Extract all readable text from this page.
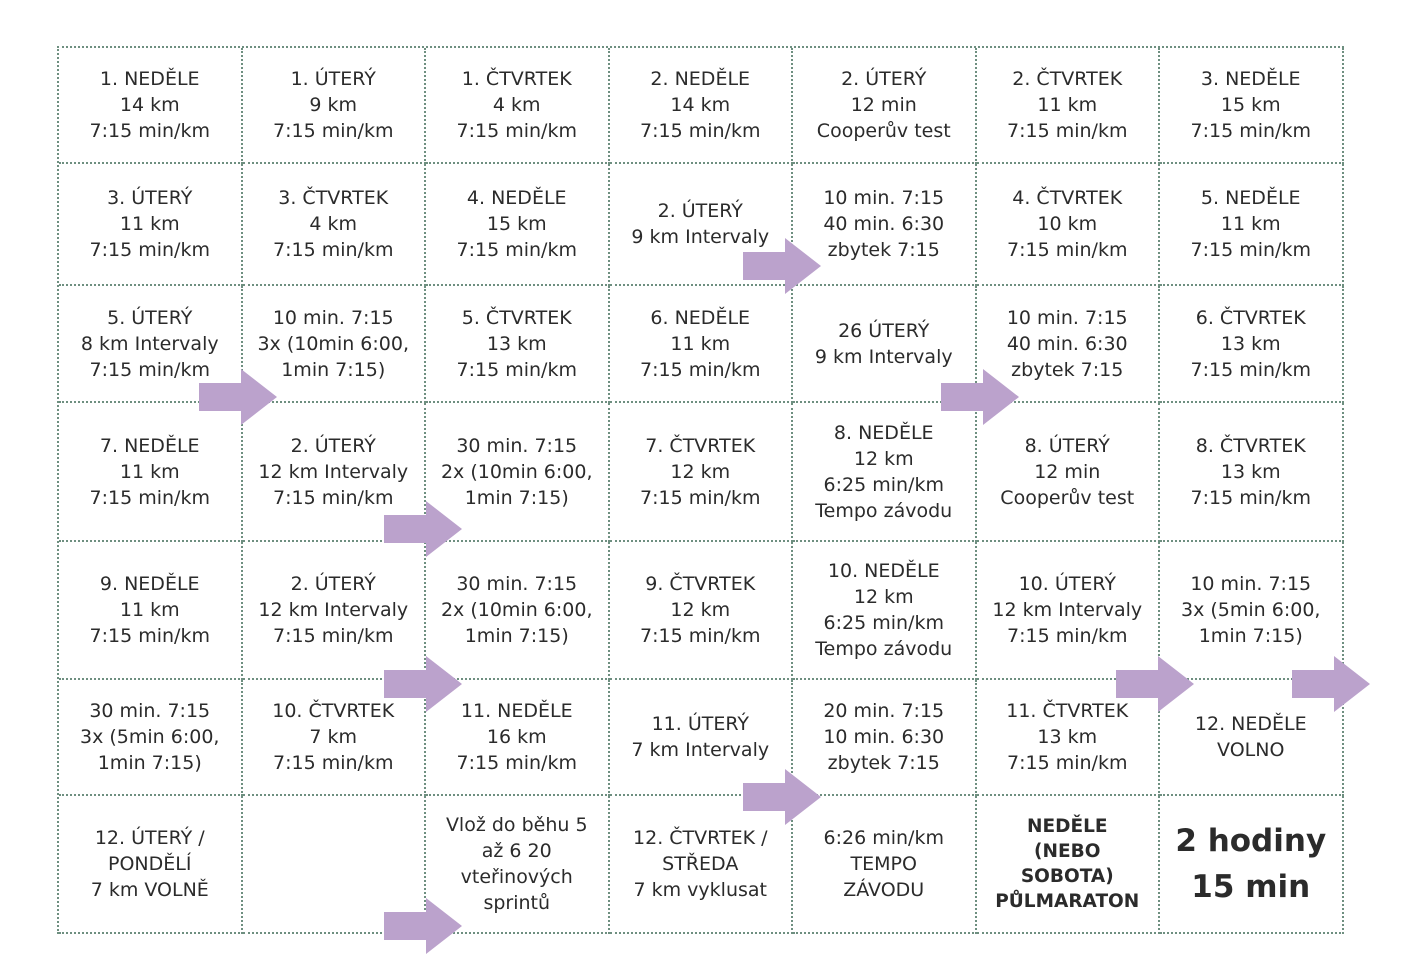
1. NEDĚLE
14 km
7:15 min/km
1. ÚTERÝ
9 km
7:15 min/km
1. ČTVRTEK
4 km
7:15 min/km
2. NEDĚLE
14 km
7:15 min/km
2. ÚTERÝ
12 min
Cooperův test
2. ČTVRTEK
11 km
7:15 min/km
3. NEDĚLE
15 km
7:15 min/km
3. ÚTERÝ
11 km
7:15 min/km
3. ČTVRTEK
4 km
7:15 min/km
4. NEDĚLE
15 km
7:15 min/km
2. ÚTERÝ
9 km Intervaly
10 min. 7:15
40 min. 6:30
zbytek 7:15
4. ČTVRTEK
10 km
7:15 min/km
5. NEDĚLE
11 km
7:15 min/km
5. ÚTERÝ
8 km Intervaly
7:15 min/km
10 min. 7:15
3x (10min 6:00,
1min 7:15)
5. ČTVRTEK
13 km
7:15 min/km
6. NEDĚLE
11 km
7:15 min/km
26 ÚTERÝ
9 km Intervaly
10 min. 7:15
40 min. 6:30
zbytek 7:15
6. ČTVRTEK
13 km
7:15 min/km
7. NEDĚLE
11 km
7:15 min/km
2. ÚTERÝ
12 km Intervaly
7:15 min/km
30 min. 7:15
2x (10min 6:00,
1min 7:15)
7. ČTVRTEK
12 km
7:15 min/km
8. NEDĚLE
12 km
6:25 min/km
Tempo závodu
8. ÚTERÝ
12 min
Cooperův test
8. ČTVRTEK
13 km
7:15 min/km
9. NEDĚLE
11 km
7:15 min/km
2. ÚTERÝ
12 km Intervaly
7:15 min/km
30 min. 7:15
2x (10min 6:00,
1min 7:15)
9. ČTVRTEK
12 km
7:15 min/km
10. NEDĚLE
12 km
6:25 min/km
Tempo závodu
10. ÚTERÝ
12 km Intervaly
7:15 min/km
10 min. 7:15
3x (5min 6:00,
1min 7:15)
30 min. 7:15
3x (5min 6:00,
1min 7:15)
10. ČTVRTEK
7 km
7:15 min/km
11. NEDĚLE
16 km
7:15 min/km
11. ÚTERÝ
7 km Intervaly
20 min. 7:15
10 min. 6:30
zbytek 7:15
11. ČTVRTEK
13 km
7:15 min/km
12. NEDĚLE
VOLNO
12. ÚTERÝ /
PONDĚLÍ
7 km VOLNĚ
Vlož do běhu 5
až 6 20
vteřinových
sprintů
12. ČTVRTEK /
STŘEDA
7 km vyklusat
6:26 min/km
TEMPO
ZÁVODU
NEDĚLE
(NEBO
SOBOTA)
PŮLMARATON
2 hodiny
15 min
